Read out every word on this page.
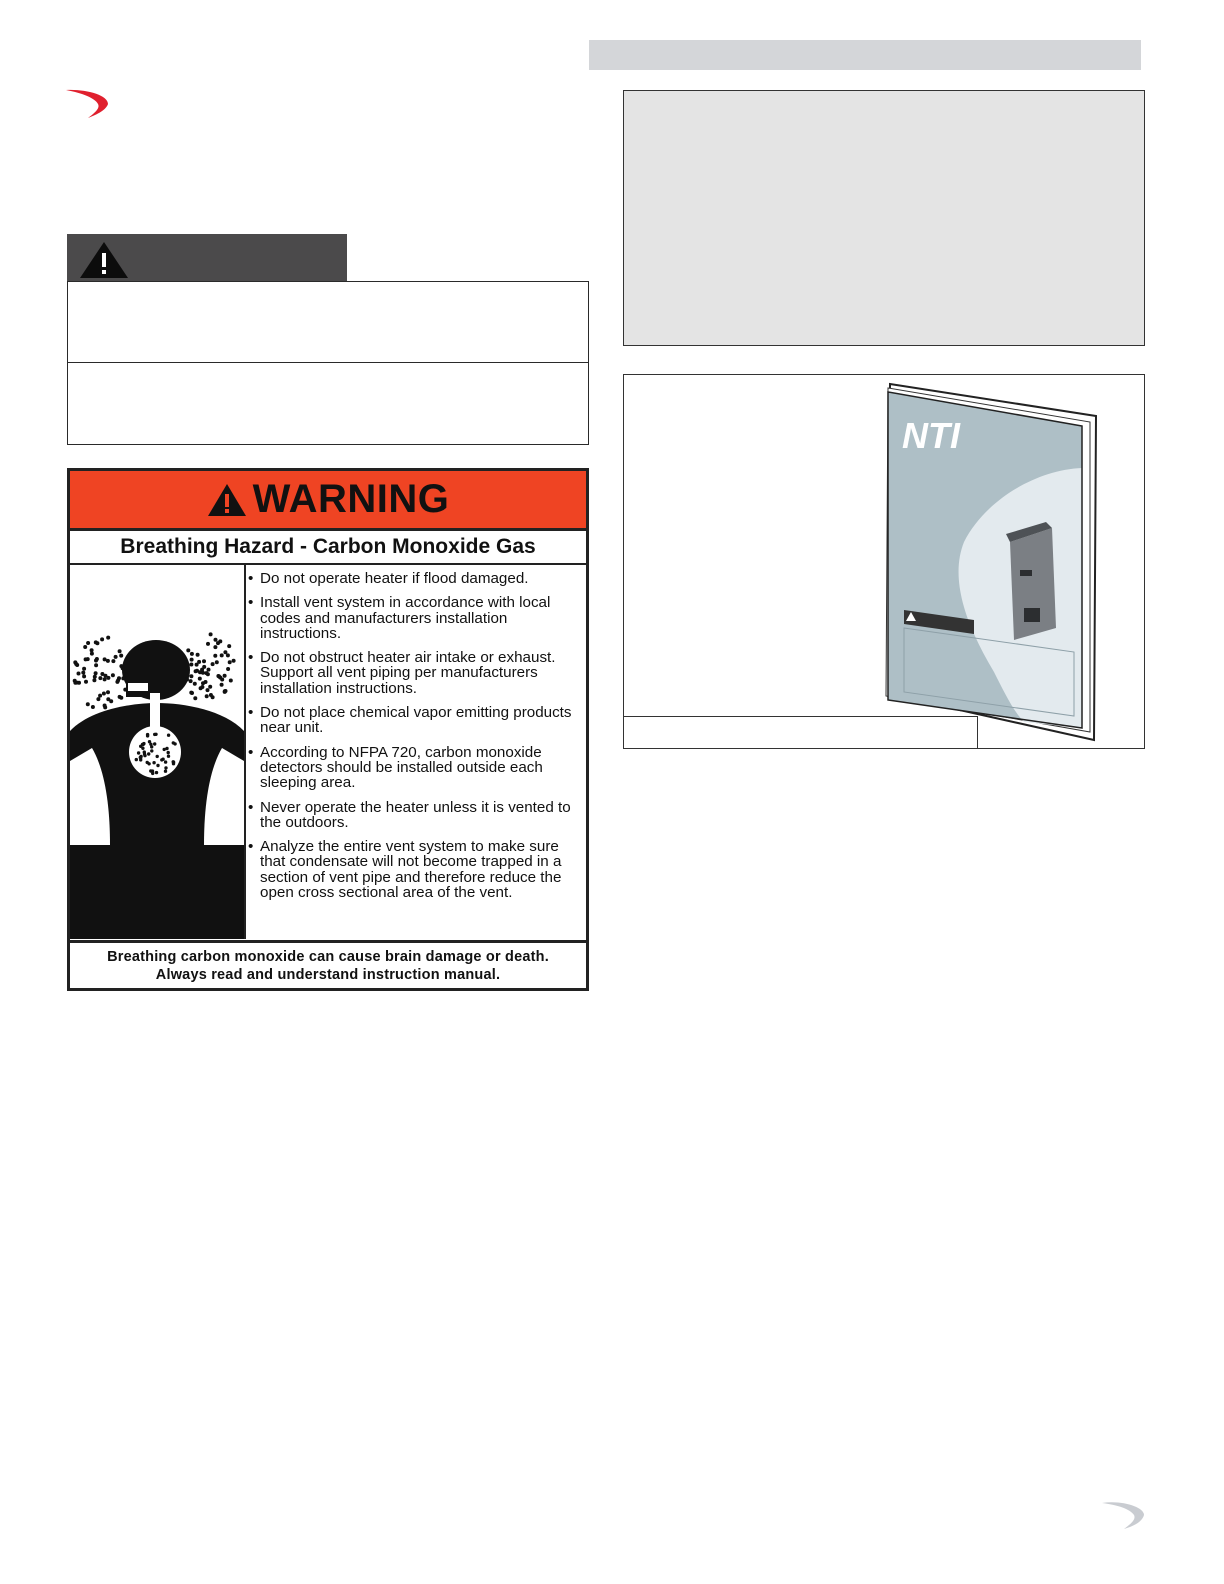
WARNING
Breathing Hazard - Carbon Monoxide Gas
• Do not operate heater if flood damaged.
• Install vent system in accordance with local codes and manufacturers installation instructions.
• Do not obstruct heater air intake or exhaust. Support all vent piping per manufacturers installation instructions.
• Do not place chemical vapor emitting products near unit.
• According to NFPA 720, carbon monoxide detectors should be installed outside each sleeping area.
• Never operate the heater unless it is vented to the outdoors.
• Analyze the entire vent system to make sure that condensate will not become trapped in a section of vent pipe and therefore reduce the open cross sectional area of the vent.
Breathing carbon monoxide can cause brain damage or death.
Always read and understand instruction manual.
NTI
